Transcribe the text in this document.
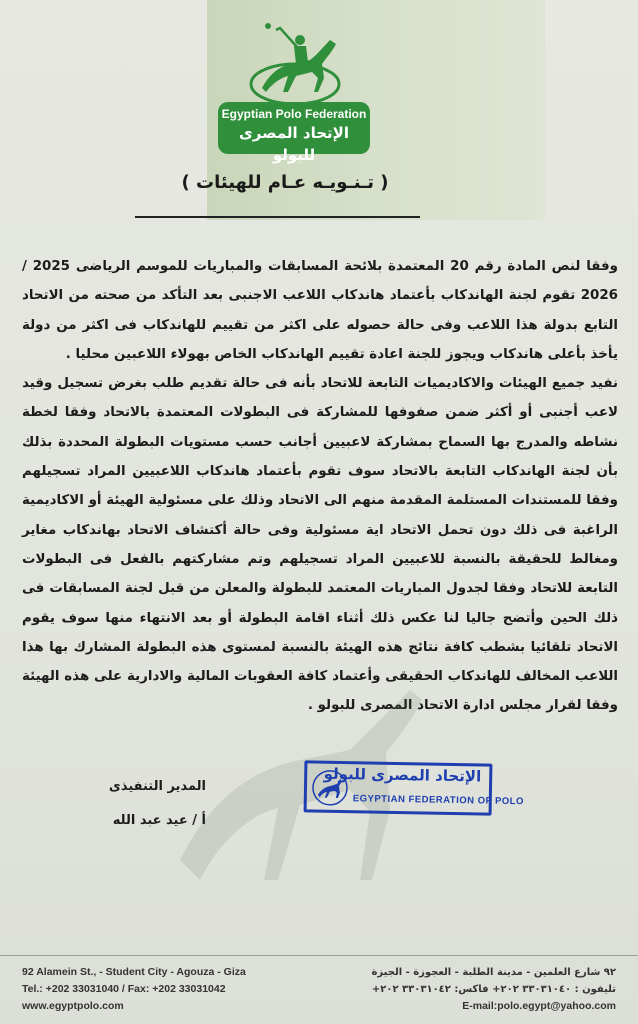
Egyptian Polo Federation
الإتحاد المصرى للبولو
( تـنـويـه عـام للهيئات )

وفقا لنص المادة رقم 20 المعتمدة بلائحة المسابقات والمباريات للموسم الرياضى 2025 / 2026 تقوم لجنة الهاندكاب بأعتماد هاندكاب اللاعب الاجنبى بعد التأكد من صحته من الاتحاد التابع بدولة هذا اللاعب وفى حالة حصوله على اكثر من تقييم للهاندكاب فى اكثر من دولة يأخذ بأعلى هاندكاب ويجوز للجنة اعادة تقييم الهاندكاب الخاص بهولاء اللاعبين محليا .

نفيد جميع الهيئات والاكاديميات التابعة للاتحاد بأنه فى حالة تقديم طلب بغرض تسجيل وقيد لاعب أجنبى أو أكثر ضمن صفوفها للمشاركة فى البطولات المعتمدة بالاتحاد وفقا لخطة نشاطه والمدرج بها السماح بمشاركة لاعبيين أجانب حسب مستويات البطولة المحددة بذلك بأن لجنة الهاندكاب التابعة بالاتحاد سوف تقوم بأعتماد هاندكاب اللاعبيين المراد تسجيلهم وفقا للمستندات المستلمة المقدمة منهم الى الاتحاد وذلك على مسئولية الهيئة أو الاكاديمية الراغبة فى ذلك دون تحمل الاتحاد اية مسئولية وفى حالة أكتشاف الاتحاد بهاندكاب مغاير ومغالط للحقيقة بالنسبة للاعبيين المراد تسجيلهم وتم مشاركتهم بالفعل فى البطولات التابعة للاتحاد وفقا لجدول المباريات المعتمد للبطولة والمعلن من قبل لجنة المسابقات فى ذلك الحين وأتضح جاليا لنا عكس ذلك أثناء اقامة البطولة أو بعد الانتهاء منها سوف يقوم الاتحاد تلقائيا بشطب كافة نتائج هذه الهيئة بالنسبة لمستوى هذه البطولة المشارك بها هذا اللاعب المخالف للهاندكاب الحقيقى وأعتماد كافة العقوبات المالية والادارية على هذه الهيئة وفقا لقرار مجلس ادارة الاتحاد المصرى للبولو .

المدير التنفيذى
أ / عيد عبد الله
الإتحاد المصرى للبولو
EGYPTIAN FEDERATION OF POLO
92 Alamein St., - Student City - Agouza - Giza
Tel.: +202 33031040 / Fax: +202 33031042
www.egyptpolo.com
٩٢ شارع العلمين - مدينة الطلبة - العجوزة - الجيزة
تليفون : ٣٣٠٣١٠٤٠ ٢٠٢+ فاكس: ٣٣٠٣١٠٤٢ ٢٠٢+
E-mail:polo.egypt@yahoo.com
